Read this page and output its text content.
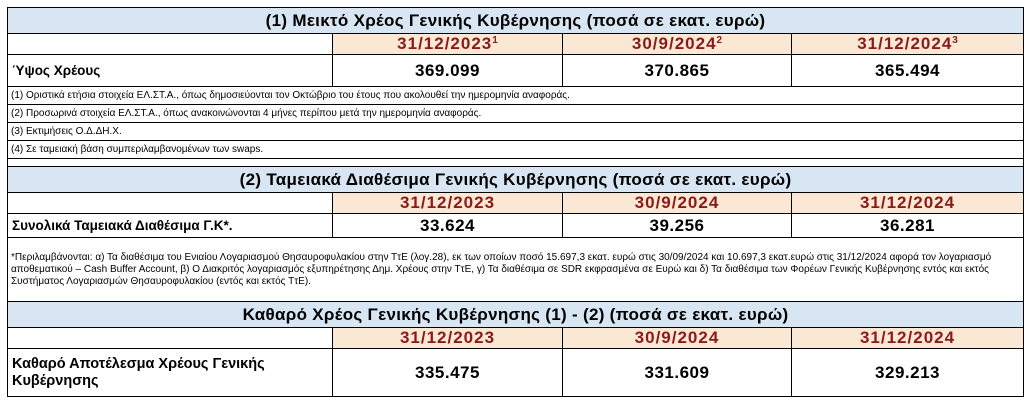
(1) Μεικτό Χρέος Γενικής Κυβέρνησης (ποσά σε εκατ. ευρώ)			
	31/12/2023$^1$	30/9/2024$^2$	31/12/2024$^3$
Ύψος Χρέους	369.099	370.865	365.494
(1) Οριστικά ετήσια στοιχεία ΕΛ.ΣΤ.Α., όπως δημοσιεύονται τον Οκτώβριο του έτους που ακολουθεί την ημερομηνία αναφοράς.			
(2) Προσωρινά στοιχεία ΕΛ.ΣΤ.Α., όπως ανακοινώνονται 4 μήνες περίπου μετά την ημερομηνία αναφοράς.			
(3) Εκτιμήσεις Ο.Δ.ΔΗ.Χ.			
(4) Σε ταμειακή βάση συμπεριλαμβανομένων των swaps.			

(2) Ταμειακά Διαθέσιμα Γενικής Κυβέρνησης (ποσά σε εκατ. ευρώ)			
	31/12/2023	30/9/2024	31/12/2024
Συνολικά Ταμειακά Διαθέσιμα Γ.Κ*.	33.624	39.256	36.281
*Περιλαμβάνονται: α) Τα διαθέσιμα του Ενιαίου Λογαριασμού Θησαυροφυλακίου στην ΤτΕ (λογ.28), εκ των οποίων ποσό 15.697,3 εκατ. ευρώ στις 30/09/2024 και 10.697,3 εκατ.ευρώ στις 31/12/2024 αφορά τον λογαριασμό αποθεματικού – Cash Buffer Account, β) Ο Διακριτός λογαριασμός εξυπηρέτησης Δημ. Χρέους στην ΤτΕ, γ) Τα διαθέσιμα σε SDR εκφρασμένα σε Ευρώ και δ) Τα διαθέσιμα των Φορέων Γενικής Κυβέρνησης εντός και εκτός Συστήματος Λογαριασμών Θησαυροφυλακίου (εντός και εκτός ΤτΕ).			
Καθαρό Χρέος Γενικής Κυβέρνησης (1) - (2) (ποσά σε εκατ. ευρώ)			
	31/12/2023	30/9/2024	31/12/2024
Καθαρό Αποτέλεσμα Χρέους Γενικής Κυβέρνησης	335.475	331.609	329.213
